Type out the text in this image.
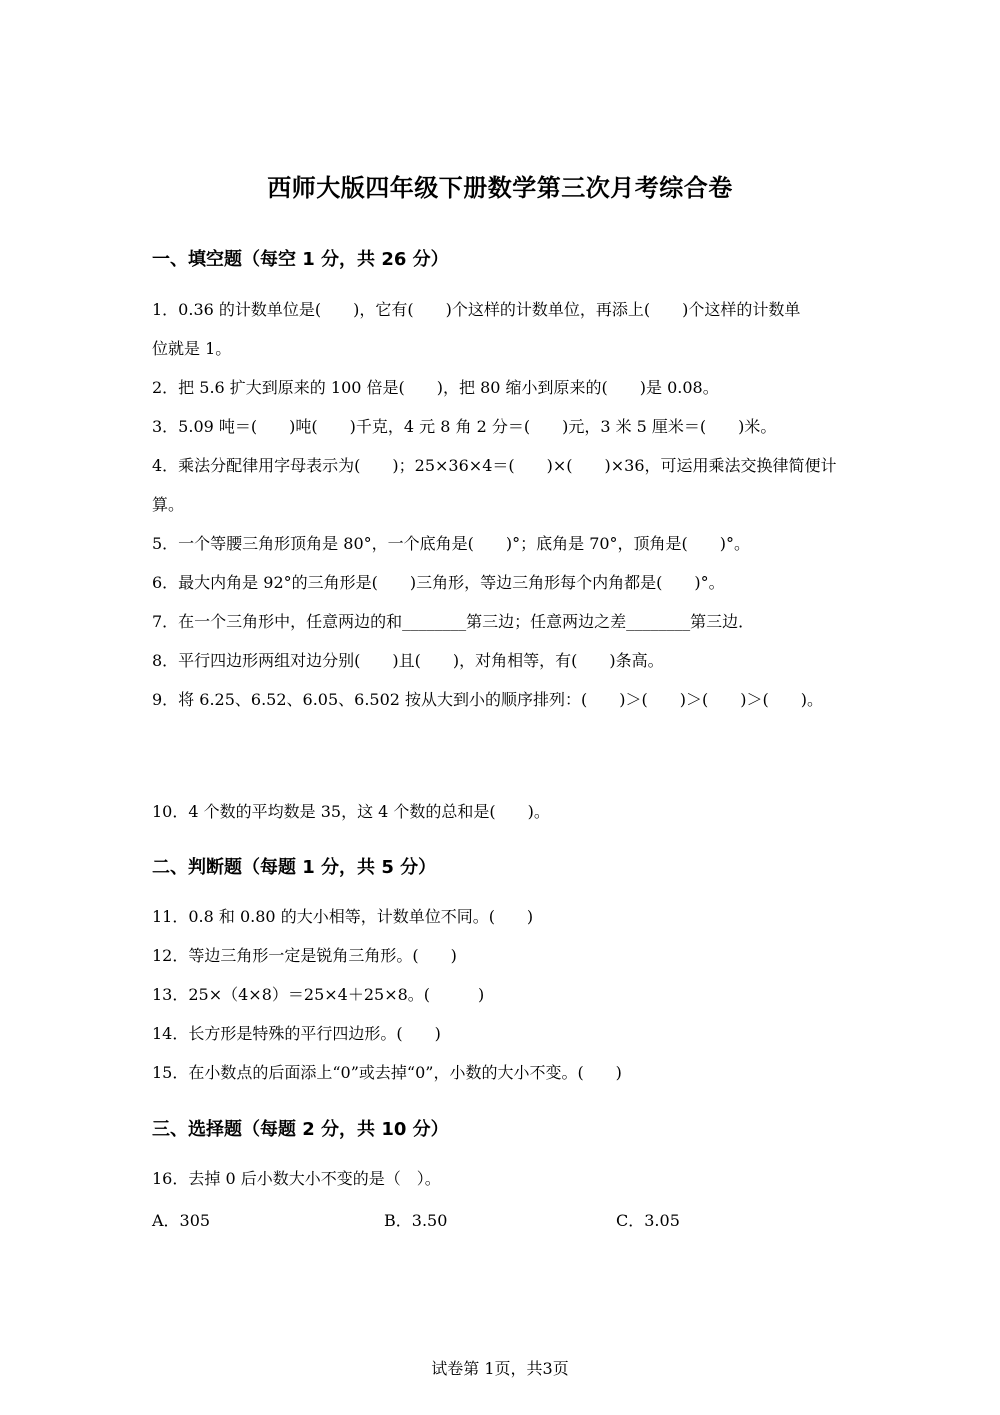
西师大版四年级下册数学第三次月考综合卷
一、填空题（每空 1 分，共 26 分）
1．0.36 的计数单位是(　　)，它有(　　)个这样的计数单位，再添上(　　)个这样的计数单
位就是 1。
2．把 5.6 扩大到原来的 100 倍是(　　)，把 80 缩小到原来的(　　)是 0.08。
3．5.09 吨＝(　　)吨(　　)千克，4 元 8 角 2 分＝(　　)元，3 米 5 厘米＝(　　)米。
4．乘法分配律用字母表示为(　　)；25×36×4＝(　　)×(　　)×36，可运用乘法交换律简便计
算。
5．一个等腰三角形顶角是 80°，一个底角是(　　)°；底角是 70°，顶角是(　　)°。
6．最大内角是 92°的三角形是(　　)三角形，等边三角形每个内角都是(　　)°。
7．在一个三角形中，任意两边的和________第三边；任意两边之差________第三边．
8．平行四边形两组对边分别(　　)且(　　)，对角相等，有(　　)条高。
9．将 6.25、6.52、6.05、6.502 按从大到小的顺序排列：(　　)＞(　　)＞(　　)＞(　　)。
10．4 个数的平均数是 35，这 4 个数的总和是(　　)。
二、判断题（每题 1 分，共 5 分）
11．0.8 和 0.80 的大小相等，计数单位不同。(　　)
12．等边三角形一定是锐角三角形。(　　)
13．25×（4×8）＝25×4＋25×8。(　　　)
14．长方形是特殊的平行四边形。(　　)
15．在小数点的后面添上“0”或去掉“0”，小数的大小不变。(　　)
三、选择题（每题 2 分，共 10 分）
16．去掉 0 后小数大小不变的是（　）。
A．305	B．3.50	C．3.05
试卷第 1页，共3页
